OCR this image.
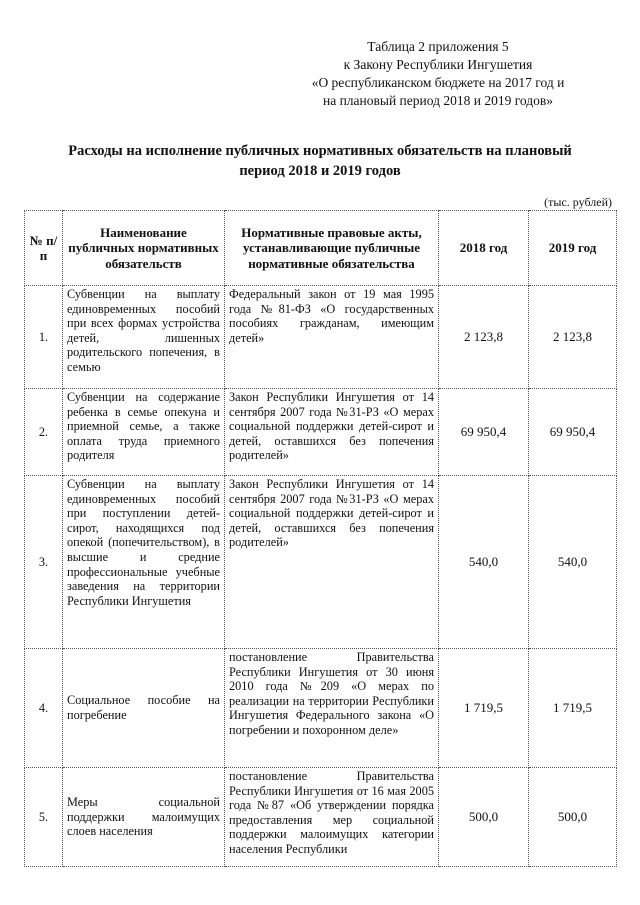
Таблица 2 приложения 5
к Закону Республики Ингушетия
«О республиканском бюджете на 2017 год и
на плановый период 2018 и 2019 годов»
Расходы на исполнение публичных нормативных обязательств на плановый
период 2018 и 2019 годов
(тыс. рублей)
№ п/п	Наименование публичных нормативных обязательств	Нормативные правовые акты, устанавливающие публичные нормативные обязательства	2018 год	2019 год
1.	Субвенции на выплату единовременных пособий при всех формах устройства детей, лишенных родительского попечения, в семью	Федеральный закон от 19 мая 1995 года №81-ФЗ «О государственных пособиях гражданам, имеющим детей»	2 123,8	2 123,8
2.	Субвенции на содержание ребенка в семье опекуна и приемной семье, а также оплата труда приемного родителя	Закон Республики Ингушетия от 14 сентября 2007 года №31-РЗ «О мерах социальной поддержки детей-сирот и детей, оставшихся без попечения родителей»	69 950,4	69 950,4
3.	Субвенции на выплату единовременных пособий при поступлении детей-сирот, находящихся под опекой (попечительством), в высшие и средние профессиональные учебные заведения на территории Республики Ингушетия	Закон Республики Ингушетия от 14 сентября 2007 года №31-РЗ «О мерах социальной поддержки детей-сирот и детей, оставшихся без попечения родителей»	540,0	540,0
4.	Социальное пособие на погребение	постановление Правительства Республики Ингушетия от 30 июня 2010 года №209 «О мерах по реализации на территории Республики Ингушетия Федерального закона «О погребении и похоронном деле»	1 719,5	1 719,5
5.	Меры социальной поддержки малоимущих слоев населения	постановление Правительства Республики Ингушетия от 16 мая 2005 года №87 «Об утверждении порядка предоставления мер социальной поддержки малоимущих категории населения Республики	500,0	500,0
